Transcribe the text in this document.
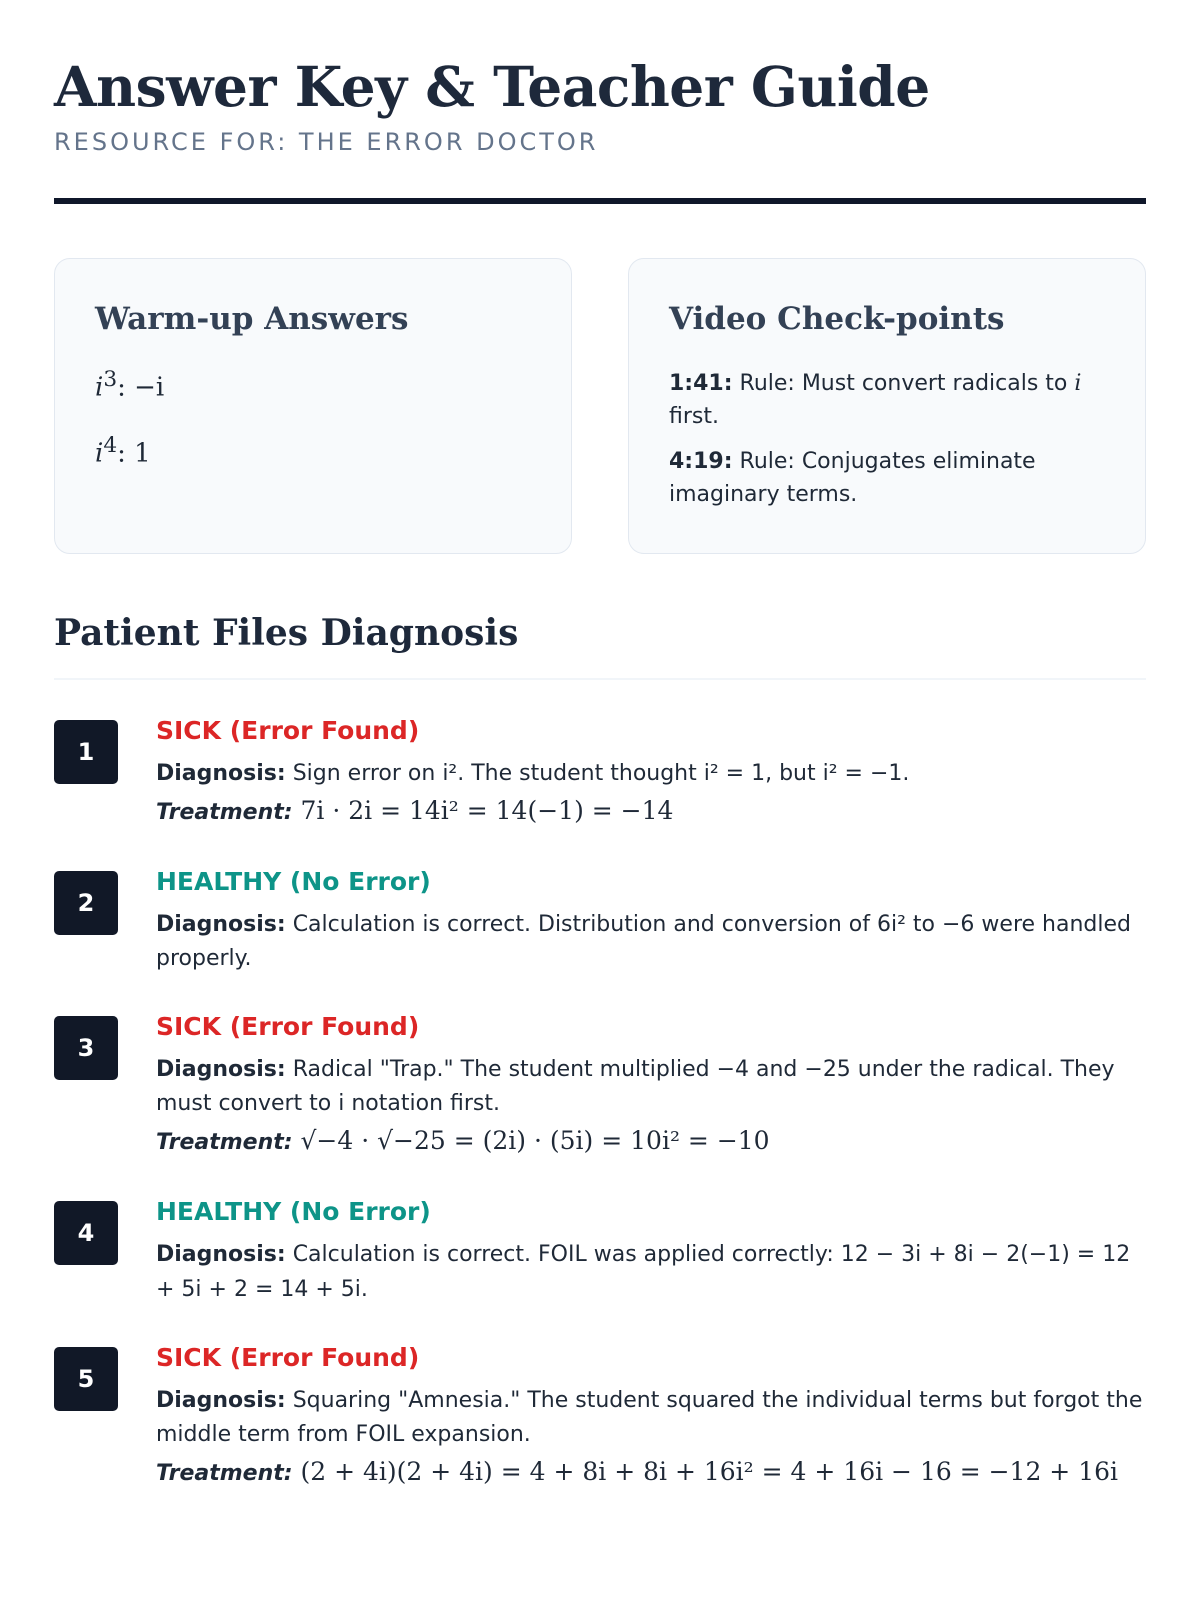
Answer Key & Teacher Guide
RESOURCE FOR: THE ERROR DOCTOR
Warm-up Answers
$i^3$: −i
$i^4$: 1
Video Check-points
1:41: Rule: Must convert radicals to i first.
4:19: Rule: Conjugates eliminate imaginary terms.
Patient Files Diagnosis
1
SICK (Error Found)
Diagnosis: Sign error on i². The student thought i² = 1, but i² = −1.
Treatment: 7i · 2i = 14i² = 14(−1) = −14
2
HEALTHY (No Error)
Diagnosis: Calculation is correct. Distribution and conversion of 6i² to −6 were handled properly.
3
SICK (Error Found)
Diagnosis: Radical "Trap." The student multiplied −4 and −25 under the radical. They must convert to i notation first.
Treatment: √−4 · √−25 = (2i) · (5i) = 10i² = −10
4
HEALTHY (No Error)
Diagnosis: Calculation is correct. FOIL was applied correctly: 12 − 3i + 8i − 2(−1) = 12 + 5i + 2 = 14 + 5i.
5
SICK (Error Found)
Diagnosis: Squaring "Amnesia." The student squared the individual terms but forgot the middle term from FOIL expansion.
Treatment: (2 + 4i)(2 + 4i) = 4 + 8i + 8i + 16i² = 4 + 16i − 16 = −12 + 16i
